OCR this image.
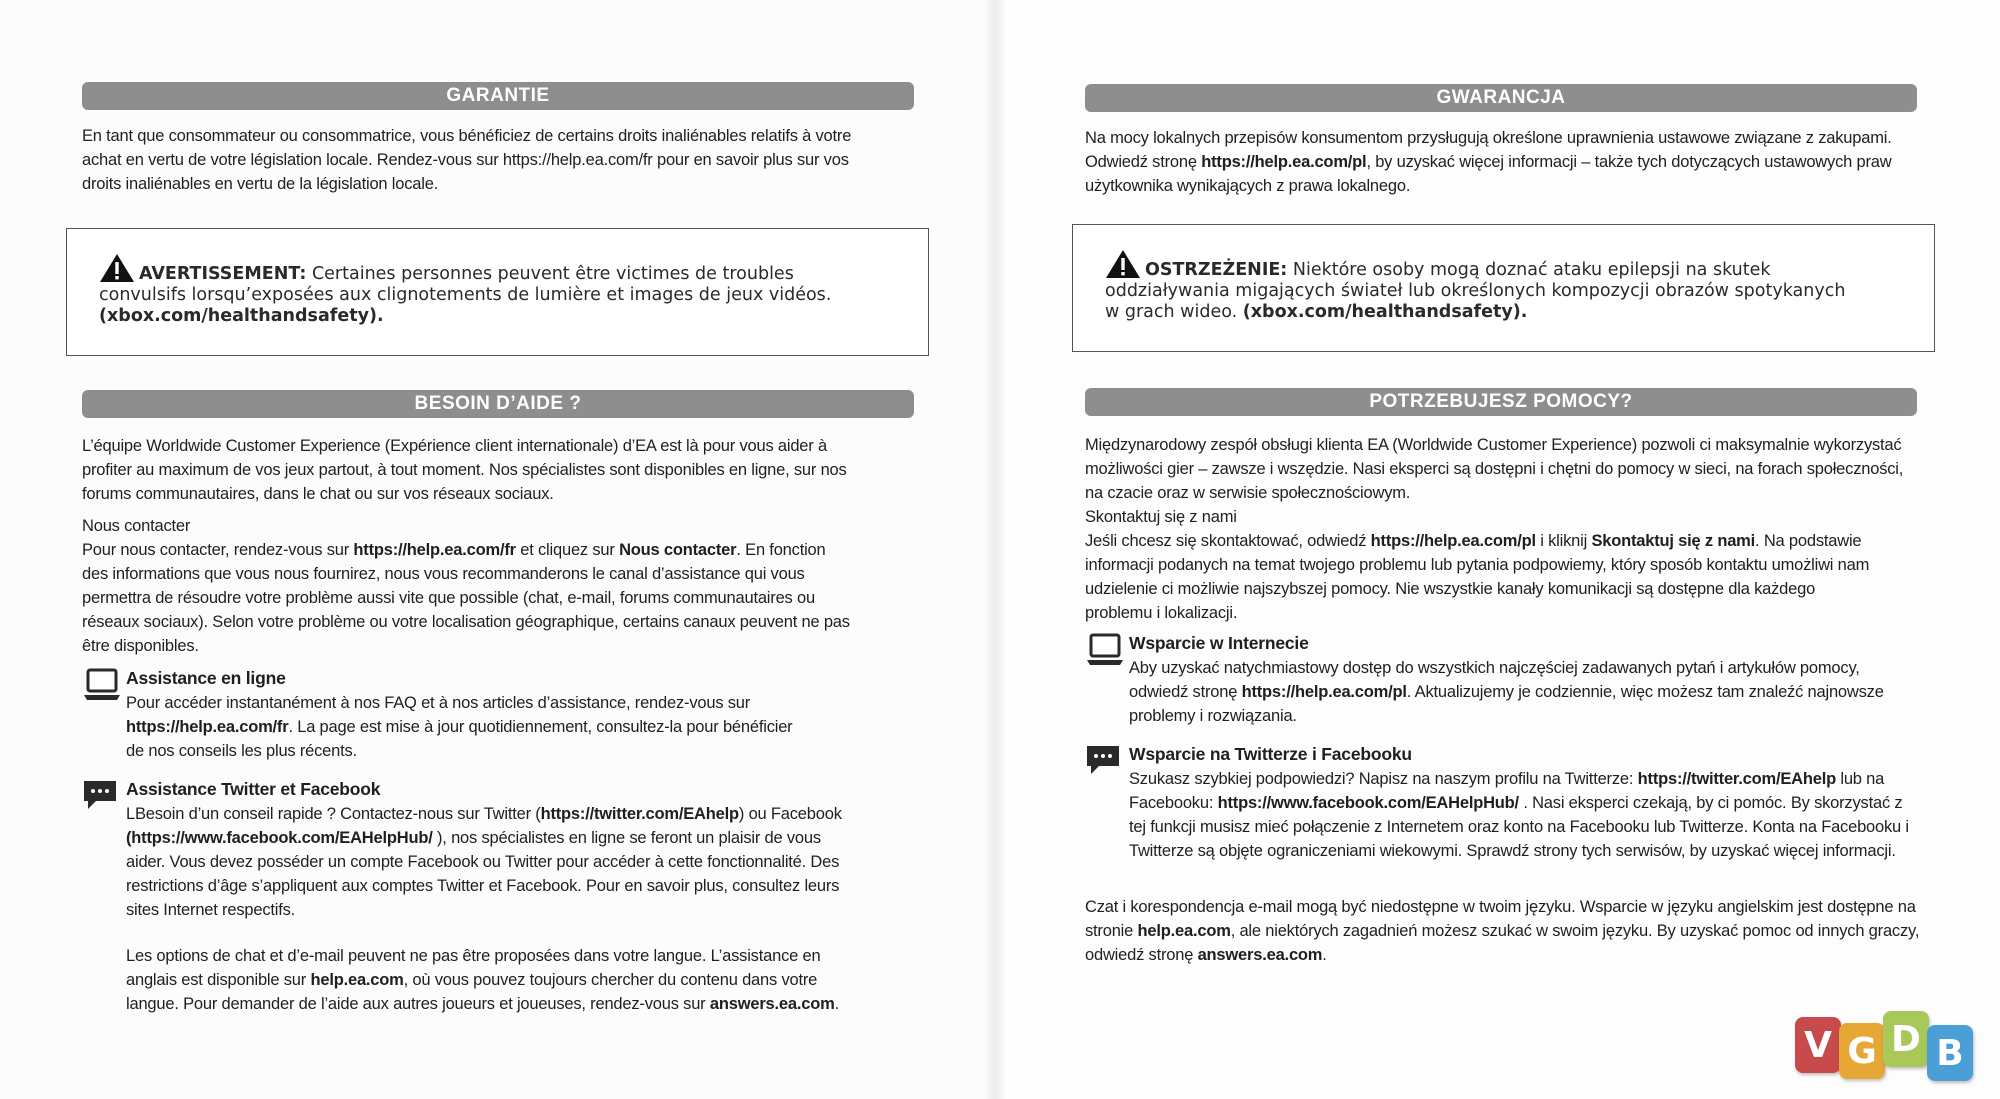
GARANTIE

En tant que consommateur ou consommatrice, vous bénéficiez de certains droits inaliénables relatifs à votre

achat en vertu de votre législation locale. Rendez-vous sur https://help.ea.com/fr pour en savoir plus sur vos

droits inaliénables en vertu de la législation locale.

AVERTISSEMENT: Certaines personnes peuvent être victimes de troubles
convulsifs lorsqu’exposées aux clignotements de lumière et images de jeux vidéos.
(xbox.com/healthandsafety).
BESOIN D’AIDE ?

L’équipe Worldwide Customer Experience (Expérience client internationale) d’EA est là pour vous aider à

profiter au maximum de vos jeux partout, à tout moment. Nos spécialistes sont disponibles en ligne, sur nos

forums communautaires, dans le chat ou sur vos réseaux sociaux.

Nous contacter

Pour nous contacter, rendez-vous sur https://help.ea.com/fr et cliquez sur Nous contacter. En fonction

des informations que vous nous fournirez, nous vous recommanderons le canal d’assistance qui vous

permettra de résoudre votre problème aussi vite que possible (chat, e-mail, forums communautaires ou

réseaux sociaux). Selon votre problème ou votre localisation géographique, certains canaux peuvent ne pas

être disponibles.

Assistance en ligne

Pour accéder instantanément à nos FAQ et à nos articles d’assistance, rendez-vous sur

https://help.ea.com/fr. La page est mise à jour quotidiennement, consultez-la pour bénéficier

de nos conseils les plus récents.

Assistance Twitter et Facebook

LBesoin d’un conseil rapide ? Contactez-nous sur Twitter (https://twitter.com/EAhelp) ou Facebook

(https://www.facebook.com/EAHelpHub/ ), nos spécialistes en ligne se feront un plaisir de vous

aider. Vous devez posséder un compte Facebook ou Twitter pour accéder à cette fonctionnalité. Des

restrictions d’âge s’appliquent aux comptes Twitter et Facebook. Pour en savoir plus, consultez leurs

sites Internet respectifs.

Les options de chat et d’e-mail peuvent ne pas être proposées dans votre langue. L’assistance en

anglais est disponible sur help.ea.com, où vous pouvez toujours chercher du contenu dans votre

langue. Pour demander de l’aide aux autres joueurs et joueuses, rendez-vous sur answers.ea.com.

GWARANCJA

Na mocy lokalnych przepisów konsumentom przysługują określone uprawnienia ustawowe związane z zakupami.

Odwiedź stronę https://help.ea.com/pl, by uzyskać więcej informacji – także tych dotyczących ustawowych praw

użytkownika wynikających z prawa lokalnego.

OSTRZEŻENIE: Niektóre osoby mogą doznać ataku epilepsji na skutek
oddziaływania migających świateł lub określonych kompozycji obrazów spotykanych
w grach wideo. (xbox.com/healthandsafety).
POTRZEBUJESZ POMOCY?

Międzynarodowy zespół obsługi klienta EA (Worldwide Customer Experience) pozwoli ci maksymalnie wykorzystać

możliwości gier – zawsze i wszędzie. Nasi eksperci są dostępni i chętni do pomocy w sieci, na forach społeczności,

na czacie oraz w serwisie społecznościowym.

Skontaktuj się z nami

Jeśli chcesz się skontaktować, odwiedź https://help.ea.com/pl i kliknij Skontaktuj się z nami. Na podstawie

informacji podanych na temat twojego problemu lub pytania podpowiemy, który sposób kontaktu umożliwi nam

udzielenie ci możliwie najszybszej pomocy. Nie wszystkie kanały komunikacji są dostępne dla każdego

problemu i lokalizacji.

Wsparcie w Internecie

Aby uzyskać natychmiastowy dostęp do wszystkich najczęściej zadawanych pytań i artykułów pomocy,

odwiedź stronę https://help.ea.com/pl. Aktualizujemy je codziennie, więc możesz tam znaleźć najnowsze

problemy i rozwiązania.

Wsparcie na Twitterze i Facebooku

Szukasz szybkiej podpowiedzi? Napisz na naszym profilu na Twitterze: https://twitter.com/EAhelp lub na

Facebooku: https://www.facebook.com/EAHelpHub/ . Nasi eksperci czekają, by ci pomóc. By skorzystać z

tej funkcji musisz mieć połączenie z Internetem oraz konto na Facebooku lub Twitterze. Konta na Facebooku i

Twitterze są objęte ograniczeniami wiekowymi. Sprawdź strony tych serwisów, by uzyskać więcej informacji.

Czat i korespondencja e-mail mogą być niedostępne w twoim języku. Wsparcie w języku angielskim jest dostępne na

stronie help.ea.com, ale niektórych zagadnień możesz szukać w swoim języku. By uzyskać pomoc od innych graczy,

odwiedź stronę answers.ea.com.

V G D B
